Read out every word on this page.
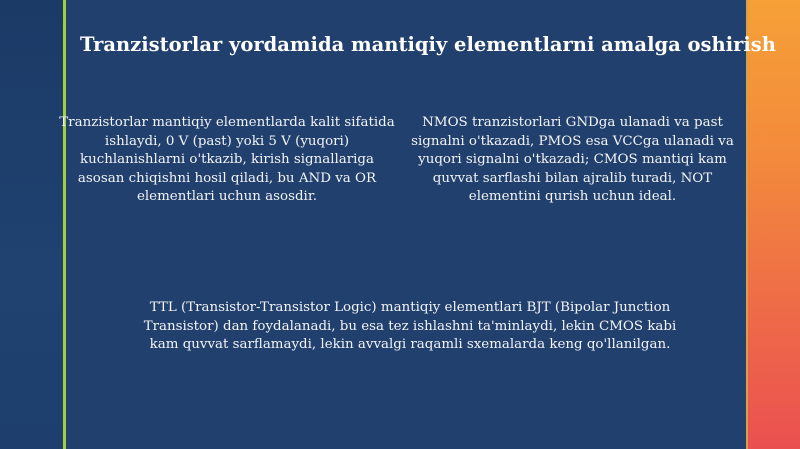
Tranzistorlar yordamida mantiqiy elementlarni amalga oshirish

Tranzistorlar mantiqiy elementlarda kalit sifatida ishlaydi, 0 V (past) yoki 5 V (yuqori) kuchlanishlarni o'tkazib, kirish signallariga asosan chiqishni hosil qiladi, bu AND va OR elementlari uchun asosdir.

NMOS tranzistorlari GNDga ulanadi va past signalni o'tkazadi, PMOS esa VCCga ulanadi va yuqori signalni o'tkazadi; CMOS mantiqi kam quvvat sarflashi bilan ajralib turadi, NOT elementini qurish uchun ideal.

TTL (Transistor-Transistor Logic) mantiqiy elementlari BJT (Bipolar Junction Transistor) dan foydalanadi, bu esa tez ishlashni ta'minlaydi, lekin CMOS kabi kam quvvat sarflamaydi, lekin avvalgi raqamli sxemalarda keng qo'llanilgan.
